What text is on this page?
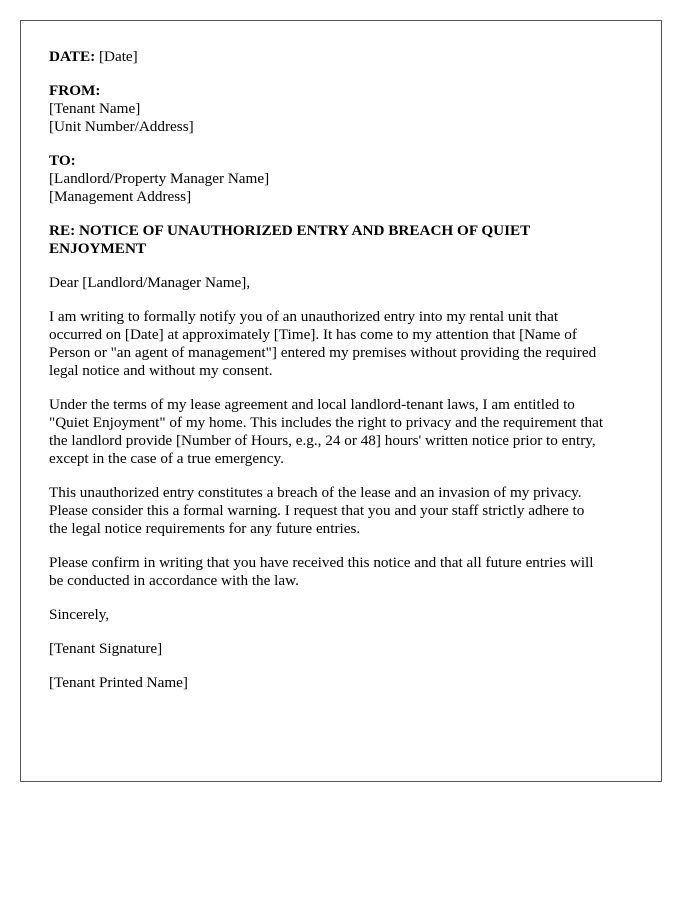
DATE: [Date]
FROM:
[Tenant Name]
[Unit Number/Address]
TO:
[Landlord/Property Manager Name]
[Management Address]
RE: NOTICE OF UNAUTHORIZED ENTRY AND BREACH OF QUIET
ENJOYMENT

Dear [Landlord/Manager Name],

I am writing to formally notify you of an unauthorized entry into my rental unit that
occurred on [Date] at approximately [Time]. It has come to my attention that [Name of
Person or "an agent of management"] entered my premises without providing the required
legal notice and without my consent.

Under the terms of my lease agreement and local landlord-tenant laws, I am entitled to
"Quiet Enjoyment" of my home. This includes the right to privacy and the requirement that
the landlord provide [Number of Hours, e.g., 24 or 48] hours' written notice prior to entry,
except in the case of a true emergency.

This unauthorized entry constitutes a breach of the lease and an invasion of my privacy.
Please consider this a formal warning. I request that you and your staff strictly adhere to
the legal notice requirements for any future entries.

Please confirm in writing that you have received this notice and that all future entries will
be conducted in accordance with the law.

Sincerely,

[Tenant Signature]

[Tenant Printed Name]
